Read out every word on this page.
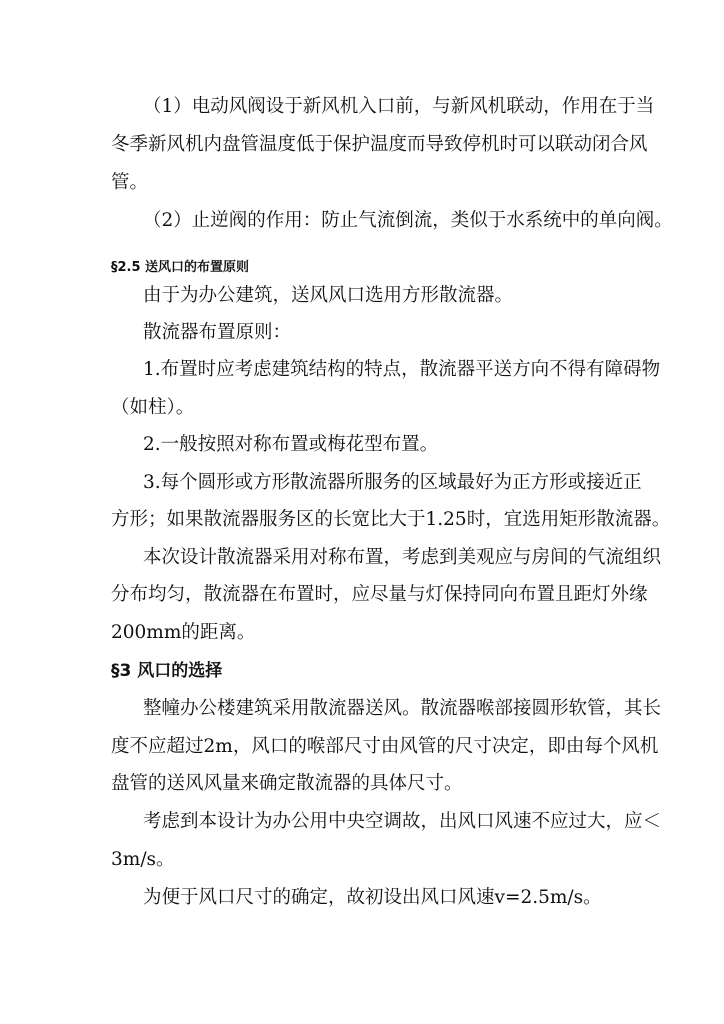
（1）电动风阀设于新风机入口前，与新风机联动，作用在于当

冬季新风机内盘管温度低于保护温度而导致停机时可以联动闭合风

管。

（2）止逆阀的作用：防止气流倒流，类似于水系统中的单向阀。

§2.5 送风口的布置原则

由于为办公建筑，送风风口选用方形散流器。

散流器布置原则：

1.布置时应考虑建筑结构的特点，散流器平送方向不得有障碍物

（如柱）。

2.一般按照对称布置或梅花型布置。

3.每个圆形或方形散流器所服务的区域最好为正方形或接近正

方形；如果散流器服务区的长宽比大于1.25时，宜选用矩形散流器。

本次设计散流器采用对称布置，考虑到美观应与房间的气流组织

分布均匀，散流器在布置时，应尽量与灯保持同向布置且距灯外缘

200mm的距离。

§3 风口的选择

整幢办公楼建筑采用散流器送风。散流器喉部接圆形软管，其长

度不应超过2m，风口的喉部尺寸由风管的尺寸决定，即由每个风机

盘管的送风风量来确定散流器的具体尺寸。

考虑到本设计为办公用中央空调故，出风口风速不应过大，应＜

3m/s。

为便于风口尺寸的确定，故初设出风口风速v=2.5m/s。
